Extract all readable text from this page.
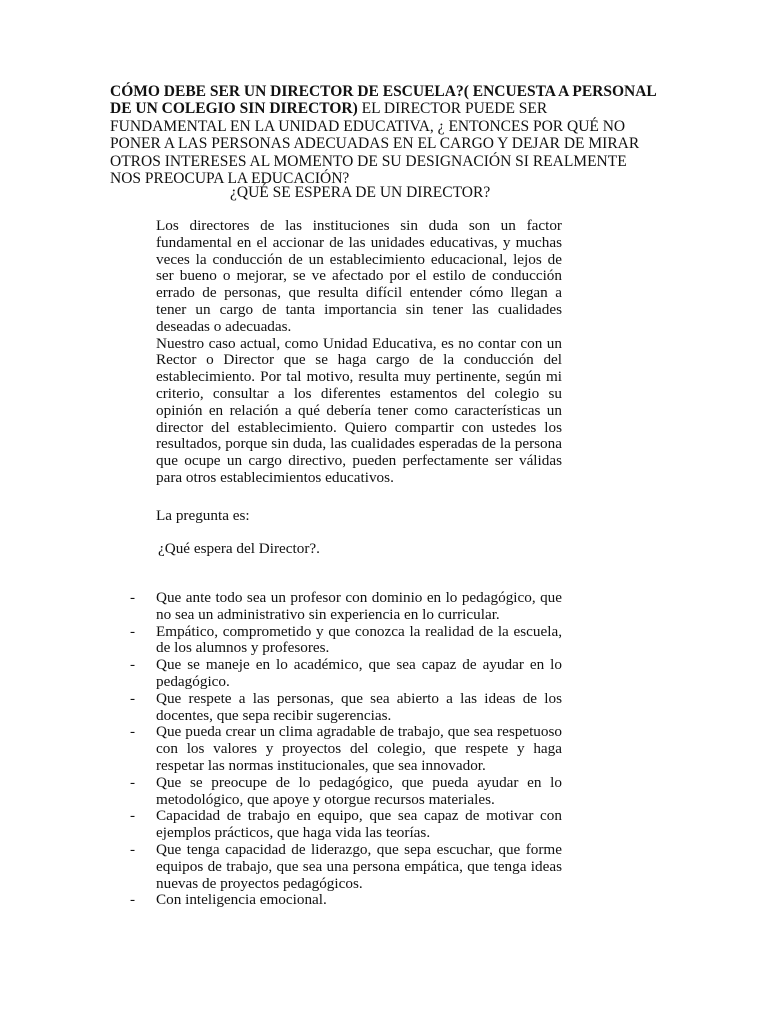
CÓMO DEBE SER UN DIRECTOR DE ESCUELA?( ENCUESTA A PERSONAL DE UN COLEGIO SIN DIRECTOR) EL DIRECTOR PUEDE SER FUNDAMENTAL EN LA UNIDAD EDUCATIVA, ¿ ENTONCES POR QUÉ NO PONER A LAS PERSONAS ADECUADAS EN EL CARGO Y DEJAR DE MIRAR OTROS INTERESES AL MOMENTO DE SU DESIGNACIÓN SI REALMENTE NOS PREOCUPA LA EDUCACIÓN?
¿QUÉ SE ESPERA DE UN DIRECTOR?

Los directores de las instituciones sin duda son un factor fundamental en el accionar de las unidades educativas, y muchas veces la conducción de un establecimiento educacional, lejos de ser bueno o mejorar, se ve afectado por el estilo de conducción errado de personas, que resulta difícil entender cómo llegan a tener un cargo de tanta importancia sin tener las cualidades deseadas o adecuadas.

Nuestro caso actual, como Unidad Educativa, es no contar con un Rector o Director que se haga cargo de la conducción del establecimiento. Por tal motivo, resulta muy pertinente, según mi criterio, consultar a los diferentes estamentos del colegio su opinión en relación a qué debería tener como características un director del establecimiento. Quiero compartir con ustedes los resultados, porque sin duda, las cualidades esperadas de la persona que ocupe un cargo directivo, pueden perfectamente ser válidas para otros establecimientos educativos.

La pregunta es:
¿Qué espera del Director?.
- Que ante todo sea un profesor con dominio en lo pedagógico, que no sea un administrativo sin experiencia en lo curricular.
- Empático, comprometido y que conozca la realidad de la escuela, de los alumnos y profesores.
- Que se maneje en lo académico, que sea capaz de ayudar en lo pedagógico.
- Que respete a las personas, que sea abierto a las ideas de los docentes, que sepa recibir sugerencias.
- Que pueda crear un clima agradable de trabajo, que sea respetuoso con los valores y proyectos del colegio, que respete y haga respetar las normas institucionales, que sea innovador.
- Que se preocupe de lo pedagógico, que pueda ayudar en lo metodológico, que apoye y otorgue recursos materiales.
- Capacidad de trabajo en equipo, que sea capaz de motivar con ejemplos prácticos, que haga vida las teorías.
- Que tenga capacidad de liderazgo, que sepa escuchar, que forme equipos de trabajo, que sea una persona empática, que tenga ideas nuevas de proyectos pedagógicos.
- Con inteligencia emocional.
